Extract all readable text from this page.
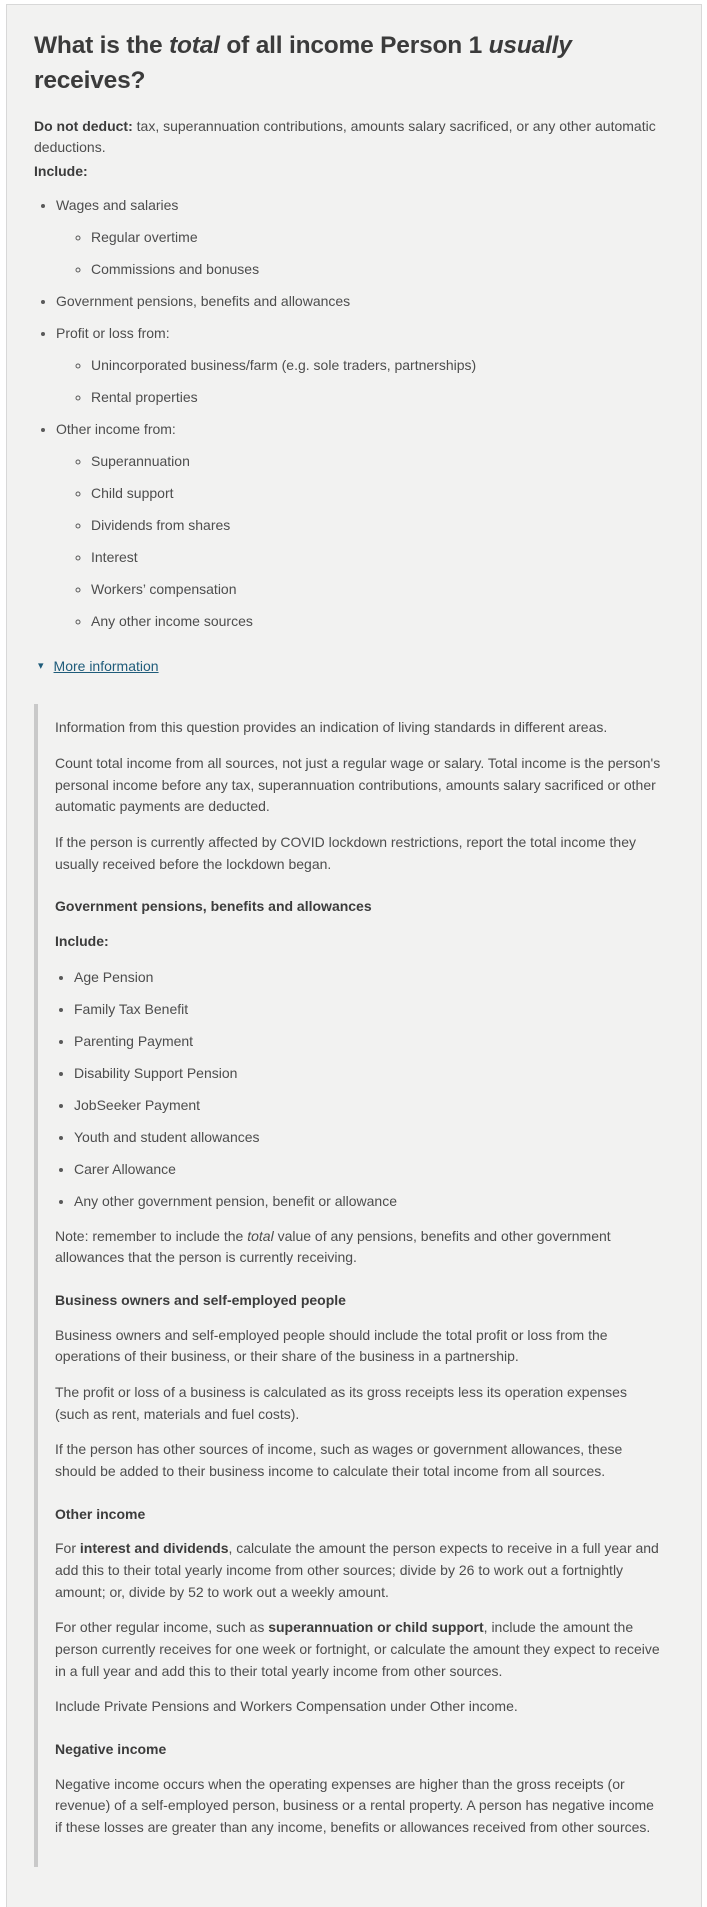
What is the total of all income Person 1 usually receives?

Do not deduct: tax, superannuation contributions, amounts salary sacrificed, or any other automatic deductions.

Include:

• Wages and salaries
◦ Regular overtime
◦ Commissions and bonuses
• Government pensions, benefits and allowances
• Profit or loss from:
◦ Unincorporated business/farm (e.g. sole traders, partnerships)
◦ Rental properties
• Other income from:
◦ Superannuation
◦ Child support
◦ Dividends from shares
◦ Interest
◦ Workers’ compensation
◦ Any other income sources
▾ More information

Information from this question provides an indication of living standards in different areas.

Count total income from all sources, not just a regular wage or salary. Total income is the person's personal income before any tax, superannuation contributions, amounts salary sacrificed or other automatic payments are deducted.

If the person is currently affected by COVID lockdown restrictions, report the total income they usually received before the lockdown began.

Government pensions, benefits and allowances

Include:

• Age Pension
• Family Tax Benefit
• Parenting Payment
• Disability Support Pension
• JobSeeker Payment
• Youth and student allowances
• Carer Allowance
• Any other government pension, benefit or allowance

Note: remember to include the total value of any pensions, benefits and other government allowances that the person is currently receiving.

Business owners and self-employed people

Business owners and self-employed people should include the total profit or loss from the operations of their business, or their share of the business in a partnership.

The profit or loss of a business is calculated as its gross receipts less its operation expenses (such as rent, materials and fuel costs).

If the person has other sources of income, such as wages or government allowances, these should be added to their business income to calculate their total income from all sources.

Other income

For interest and dividends, calculate the amount the person expects to receive in a full year and add this to their total yearly income from other sources; divide by 26 to work out a fortnightly amount; or, divide by 52 to work out a weekly amount.

For other regular income, such as superannuation or child support, include the amount the person currently receives for one week or fortnight, or calculate the amount they expect to receive in a full year and add this to their total yearly income from other sources.

Include Private Pensions and Workers Compensation under Other income.

Negative income

Negative income occurs when the operating expenses are higher than the gross receipts (or revenue) of a self-employed person, business or a rental property. A person has negative income if these losses are greater than any income, benefits or allowances received from other sources.
